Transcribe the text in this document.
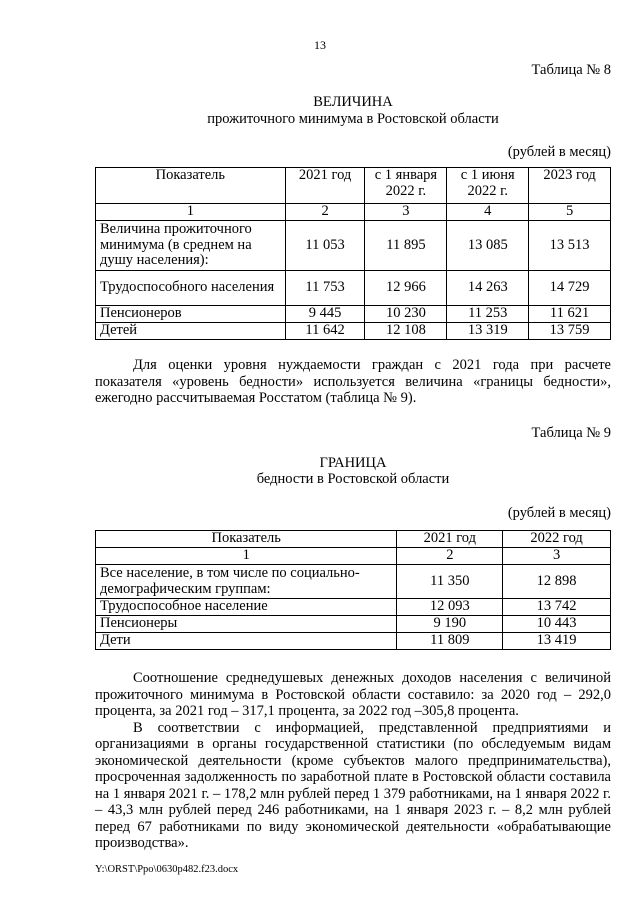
13
Таблица № 8
ВЕЛИЧИНА
прожиточного минимума в Ростовской области
(рублей в месяц)
Показатель	2021 год	с 1 января 2022 г.	с 1 июня 2022 г.	2023 год
1	2	3	4	5
Величина прожиточного минимума (в среднем на душу населения):	11 053	11 895	13 085	13 513
Трудоспособного населения	11 753	12 966	14 263	14 729
Пенсионеров	9 445	10 230	11 253	11 621
Детей	11 642	12 108	13 319	13 759

Для оценки уровня нуждаемости граждан с 2021 года при расчете показателя «уровень бедности» используется величина «границы бедности», ежегодно рассчитываемая Росстатом (таблица № 9).

Таблица № 9
ГРАНИЦА
бедности в Ростовской области
(рублей в месяц)
Показатель	2021 год	2022 год
1	2	3
Все население, в том числе по социально-демографическим группам:	11 350	12 898
Трудоспособное население	12 093	13 742
Пенсионеры	9 190	10 443
Дети	11 809	13 419

Соотношение среднедушевых денежных доходов населения с величиной прожиточного минимума в Ростовской области составило: за 2020 год – 292,0 процента, за 2021 год – 317,1 процента, за 2022 год –305,8 процента.

В соответствии с информацией, представленной предприятиями и организациями в органы государственной статистики (по обследуемым видам экономической деятельности (кроме субъектов малого предпринимательства), просроченная задолженность по заработной плате в Ростовской области составила на 1 января 2021 г. – 178,2 млн рублей перед 1 379 работниками, на 1 января 2022 г. – 43,3 млн рублей перед 246 работниками, на 1 января 2023 г. – 8,2 млн рублей перед 67 работниками по виду экономической деятельности «обрабатывающие производства».

Y:\ORST\Ppo\0630p482.f23.docx
